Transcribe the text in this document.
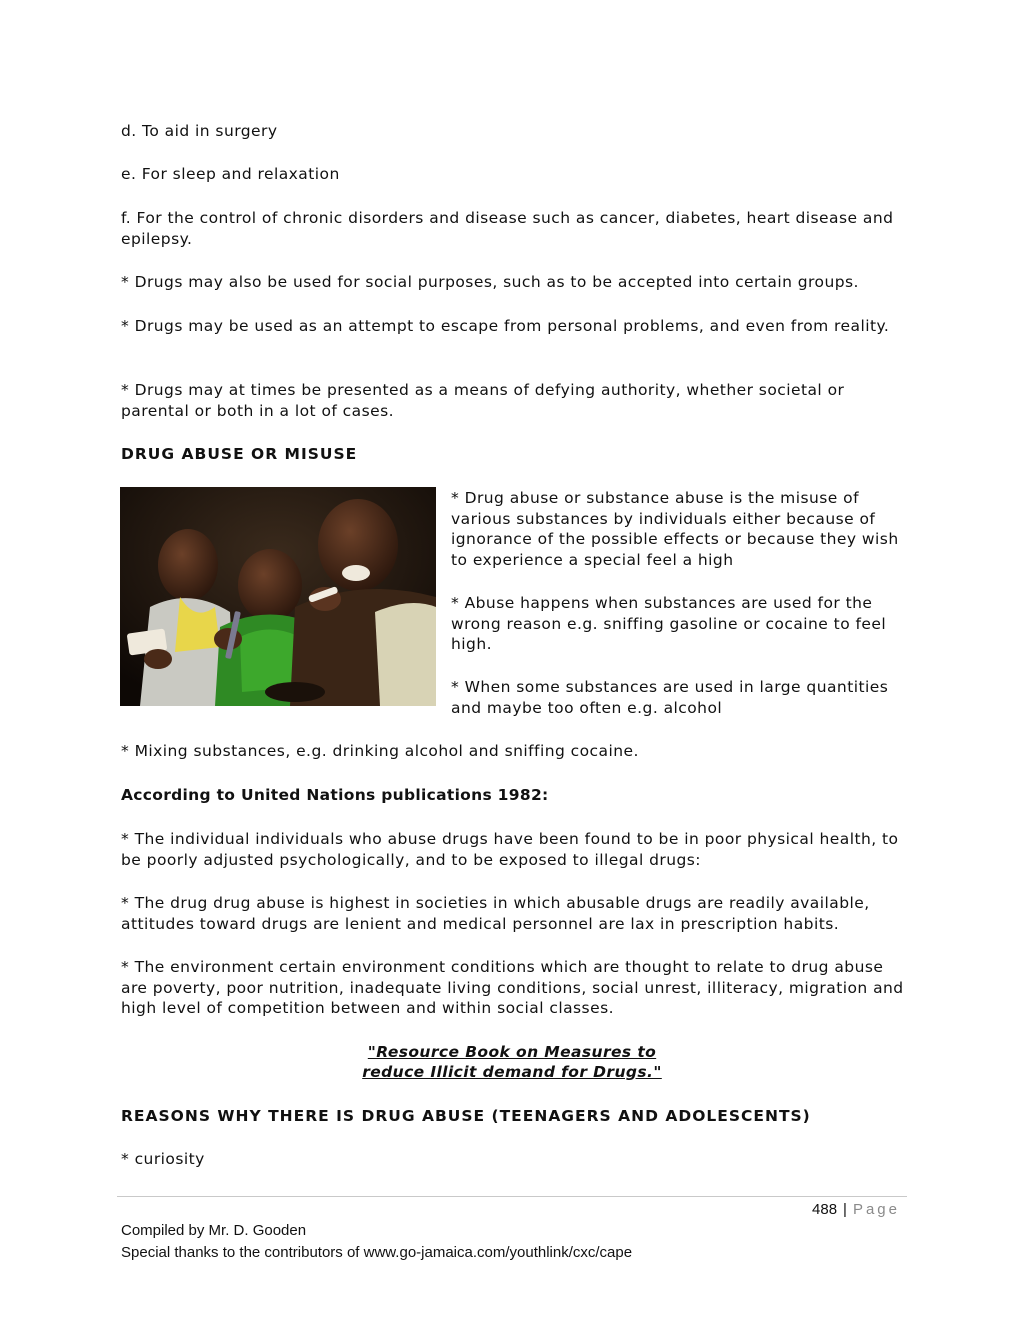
d. To aid in surgery

e. For sleep and relaxation

f. For the control of chronic disorders and disease such as cancer, diabetes, heart disease and epilepsy.

* Drugs may also be used for social purposes, such as to be accepted into certain groups.

* Drugs may be used as an attempt to escape from personal problems, and even from reality.

* Drugs may at times be presented as a means of defying authority, whether societal or parental or both in a lot of cases.

DRUG ABUSE OR MISUSE

* Drug abuse or substance abuse is the misuse of various substances by individuals either because of ignorance of the possible effects or because they wish to experience a special feel a high

* Abuse happens when substances are used for the wrong reason e.g. sniffing gasoline or cocaine to feel high.

* When some substances are used in large quantities and maybe too often e.g. alcohol

* Mixing substances, e.g. drinking alcohol and sniffing cocaine.

According to United Nations publications 1982:

* The individual individuals who abuse drugs have been found to be in poor physical health, to be poorly adjusted psychologically, and to be exposed to illegal drugs:

* The drug drug abuse is highest in societies in which abusable drugs are readily available, attitudes toward drugs are lenient and medical personnel are lax in prescription habits.

* The environment certain environment conditions which are thought to relate to drug abuse are poverty, poor nutrition, inadequate living conditions, social unrest, illiteracy, migration and high level of competition between and within social classes.

"Resource Book on Measures to

reduce Illicit demand for Drugs."

REASONS WHY THERE IS DRUG ABUSE (TEENAGERS AND ADOLESCENTS)

* curiosity

488 | Page

Compiled by Mr. D. Gooden

Special thanks to the contributors of www.go-jamaica.com/youthlink/cxc/cape
